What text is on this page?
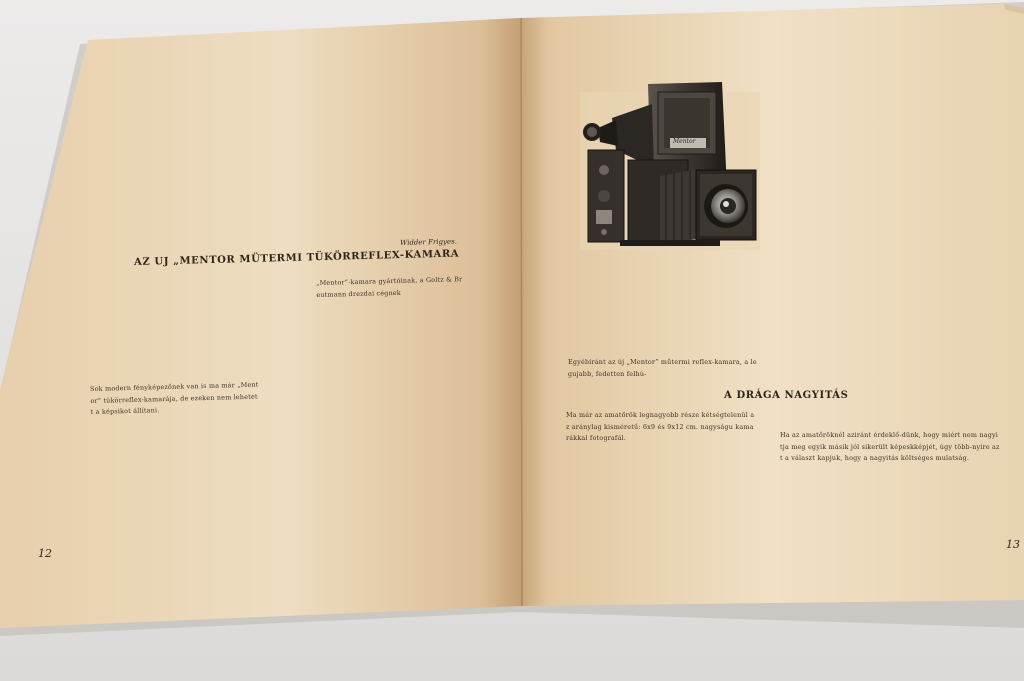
AZ UJ „MENTOR MÜTERMI TÜKÖRREFLEX-KAMARA

Widder Frigyes.

12

A DRÁGA NAGYITÁS

13

Mentor

„Mentor”-kamara gyártóinak, a Goltz & Breutmann drezdai cégnek

Sok modern fényképezőnek van is ma már „Mentor” tükörreflex-kamarája, de ezeken nem lehetett a képsikot állítani.

Egyébiránt az új „Mentor” műtermi reflex-kamara, a legujabb, fedetten felhú-

Ma már az amatőrök legnagyobb része kétségtelenül az aránylag kisméretű: 6x9 és 9x12 cm. nagyságu kamarákkal fotografál.	Ha az amatőröknél aziránt érdeklő-dünk, hogy miért nem nagyitja meg egyik másik jól sikerült képeskképjét, úgy több-nyire azt a választ kapjuk, hogy a nagyitás költséges mulatság.
